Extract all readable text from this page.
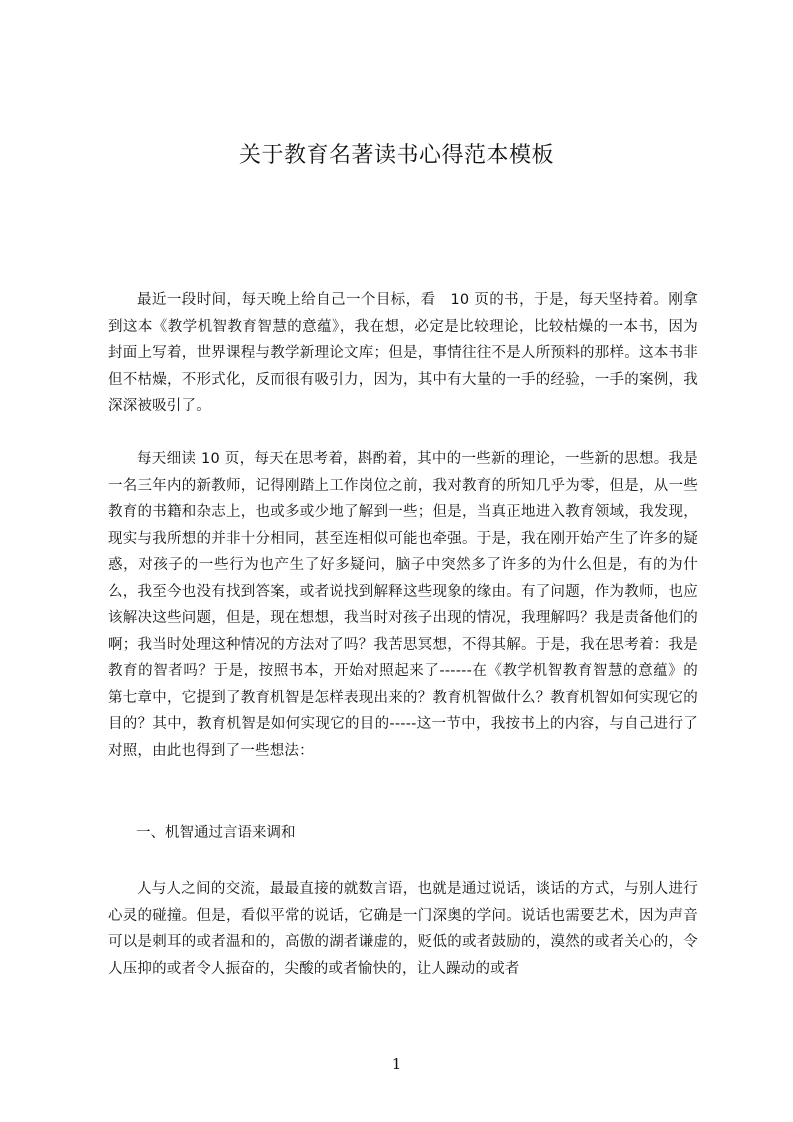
关于教育名著读书心得范本模板

最近一段时间，每天晚上给自己一个目标，看　10 页的书，于是，每天坚持着。刚拿到这本《教学机智教育智慧的意蕴》，我在想，必定是比较理论，比较枯燥的一本书，因为封面上写着，世界课程与教学新理论文库；但是，事情往往不是人所预料的那样。这本书非但不枯燥，不形式化，反而很有吸引力，因为，其中有大量的一手的经验，一手的案例，我深深被吸引了。

每天细读 10 页，每天在思考着，斟酌着，其中的一些新的理论，一些新的思想。我是一名三年内的新教师，记得刚踏上工作岗位之前，我对教育的所知几乎为零，但是，从一些教育的书籍和杂志上，也或多或少地了解到一些；但是，当真正地进入教育领域，我发现，现实与我所想的并非十分相同，甚至连相似可能也牵强。于是，我在刚开始产生了许多的疑惑，对孩子的一些行为也产生了好多疑问，脑子中突然多了许多的为什么但是，有的为什么，我至今也没有找到答案，或者说找到解释这些现象的缘由。有了问题，作为教师，也应该解决这些问题，但是，现在想想，我当时对孩子出现的情况，我理解吗？我是责备他们的啊；我当时处理这种情况的方法对了吗？我苦思冥想，不得其解。于是，我在思考着：我是教育的智者吗？于是，按照书本，开始对照起来了------在《教学机智教育智慧的意蕴》的第七章中，它提到了教育机智是怎样表现出来的？教育机智做什么？教育机智如何实现它的目的？其中，教育机智是如何实现它的目的-----这一节中，我按书上的内容，与自己进行了对照，由此也得到了一些想法：

一、机智通过言语来调和

人与人之间的交流，最最直接的就数言语，也就是通过说话，谈话的方式，与别人进行心灵的碰撞。但是，看似平常的说话，它确是一门深奥的学问。说话也需要艺术，因为声音可以是刺耳的或者温和的，高傲的湖者谦虚的，贬低的或者鼓励的，漠然的或者关心的，令人压抑的或者令人振奋的，尖酸的或者愉快的，让人躁动的或者

1
